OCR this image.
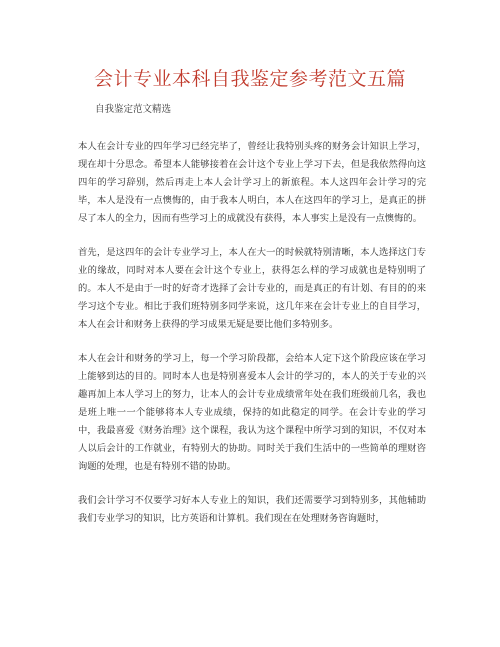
会计专业本科自我鉴定参考范文五篇
自我鉴定范文精选

本人在会计专业的四年学习已经完毕了，曾经让我特别头疼的财务会计知识上学习，现在却十分思念。希望本人能够接着在会计这个专业上学习下去，但是我依然得向这四年的学习辞别，然后再走上本人会计学习上的新旅程。本人这四年会计学习的完毕，本人是没有一点懊悔的，由于我本人明白，本人在这四年的学习上，是真正的拼尽了本人的全力，因而有些学习上的成就没有获得，本人事实上是没有一点懊悔的。

首先，是这四年的会计专业学习上，本人在大一的时候就特别清晰，本人选择这门专业的缘故，同时对本人要在会计这个专业上，获得怎么样的学习成就也是特别明了的。本人不是由于一时的好奇才选择了会计专业的，而是真正的有计划、有目的的来学习这个专业。相比于我们班特别多同学来说，这几年来在会计专业上的自目学习，本人在会计和财务上获得的学习成果无疑是要比他们多特别多。

本人在会计和财务的学习上，每一个学习阶段都，会给本人定下这个阶段应该在学习上能够到达的目的。同时本人也是特别喜爱本人会计的学习的，本人的关于专业的兴趣再加上本人学习上的努力，让本人的会计专业成绩常年处在我们班级前几名，我也是班上唯一一个能够将本人专业成绩，保持的如此稳定的同学。在会计专业的学习中，我最喜爱《财务治理》这个课程，我认为这个课程中所学习到的知识，不仅对本人以后会计的工作就业，有特别大的协助。同时关于我们生活中的一些简单的理财咨询题的处理，也是有特别不错的协助。

我们会计学习不仅要学习好本人专业上的知识，我们还需要学习到特别多，其他辅助我们专业学习的知识，比方英语和计算机。我们现在在处理财务咨询题时，
